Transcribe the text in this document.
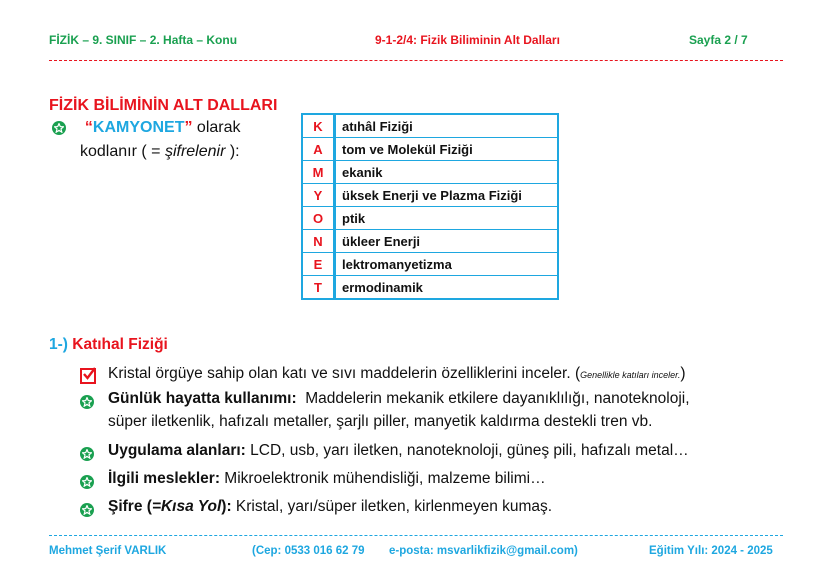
FİZİK – 9. SINIF – 2. Hafta – Konu	9-1-2/4: Fizik Biliminin Alt Dalları	Sayfa 2 / 7
FİZİK BİLİMİNİN ALT DALLARI
“KAMYONET” olarak
kodlanır ( = şifrelenir ):
K	atıhâl Fiziği
A	tom ve Molekül Fiziği
M	ekanik
Y	üksek Enerji ve Plazma Fiziği
O	ptik
N	ükleer Enerji
E	lektromanyetizma
T	ermodinamik
1-) Katıhal Fiziği
Kristal örgüye sahip olan katı ve sıvı maddelerin özelliklerini inceler. (Genellikle katıları inceler.)
Günlük hayatta kullanımı:  Maddelerin mekanik etkilere dayanıklılığı, nanoteknoloji,
süper iletkenlik, hafızalı metaller, şarjlı piller, manyetik kaldırma destekli tren vb.
Uygulama alanları: LCD, usb, yarı iletken, nanoteknoloji, güneş pili, hafızalı metal…
İlgili meslekler: Mikroelektronik mühendisliği, malzeme bilimi…
Şifre (=Kısa Yol): Kristal, yarı/süper iletken, kirlenmeyen kumaş.
Mehmet Şerif VARLIK	(Cep: 0533 016 62 79 e-posta: msvarlikfizik@gmail.com)	Eğitim Yılı: 2024 - 2025
